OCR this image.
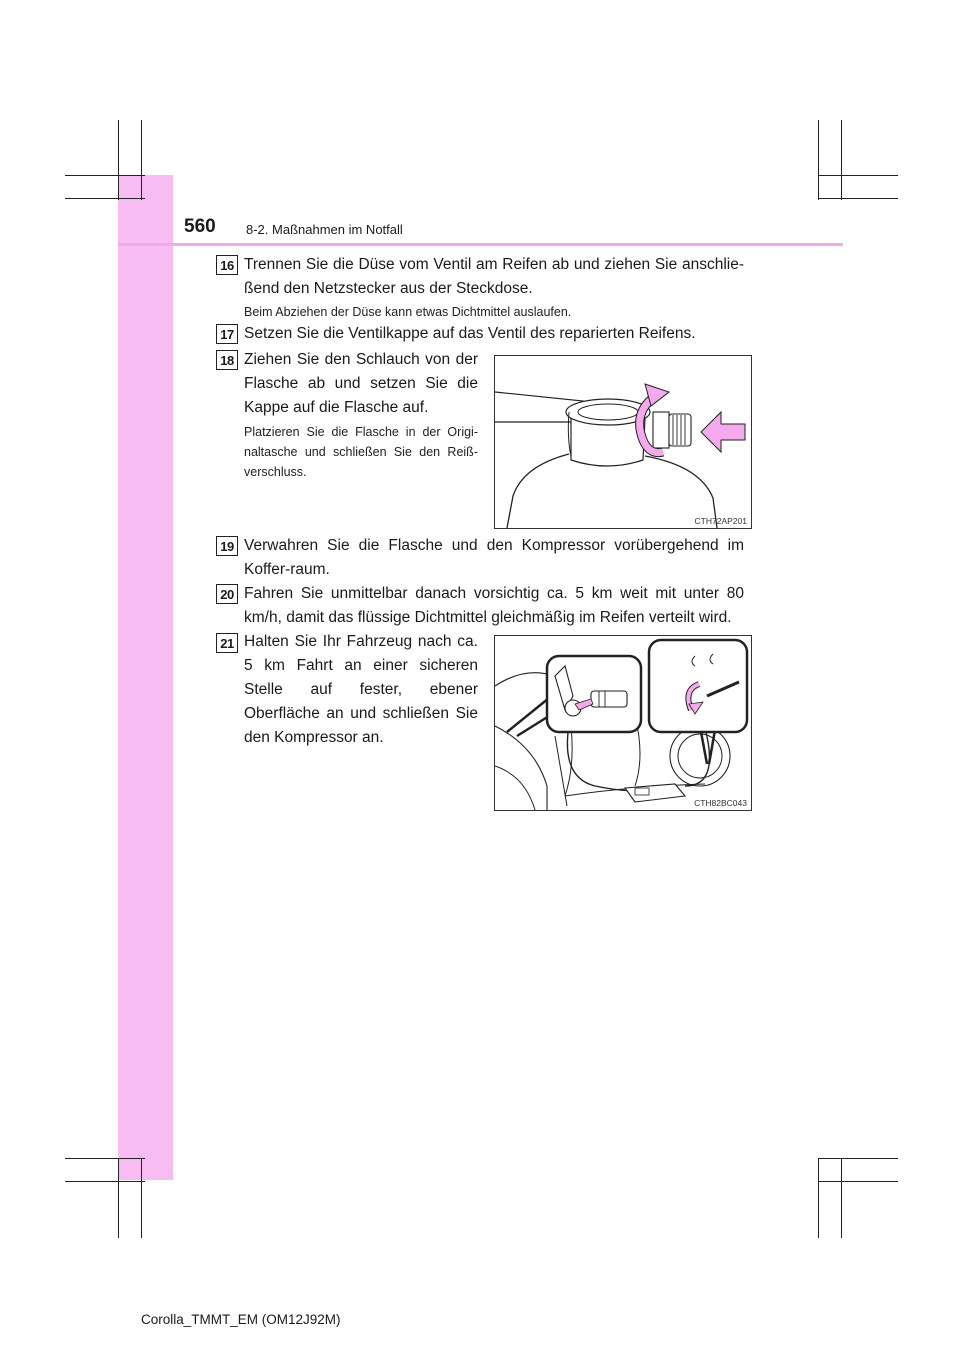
560 8-2. Maßnahmen im Notfall
16 Trennen Sie die Düse vom Ventil am Reifen ab und ziehen Sie anschlie-ßend den Netzstecker aus der Steckdose.
Beim Abziehen der Düse kann etwas Dichtmittel auslaufen.
17 Setzen Sie die Ventilkappe auf das Ventil des reparierten Reifens.
18 Ziehen Sie den Schlauch von der Flasche ab und setzen Sie die Kappe auf die Flasche auf.
Platzieren Sie die Flasche in der Origi-naltasche und schließen Sie den Reiß-verschluss.
CTH72AP201
19 Verwahren Sie die Flasche und den Kompressor vorübergehend im Koffer-raum.
20 Fahren Sie unmittelbar danach vorsichtig ca. 5 km weit mit unter 80 km/h, damit das flüssige Dichtmittel gleichmäßig im Reifen verteilt wird.
21 Halten Sie Ihr Fahrzeug nach ca. 5 km Fahrt an einer sicheren Stelle auf fester, ebener Oberfläche an und schließen Sie den Kompressor an.
CTH82BC043
Corolla_TMMT_EM (OM12J92M)
